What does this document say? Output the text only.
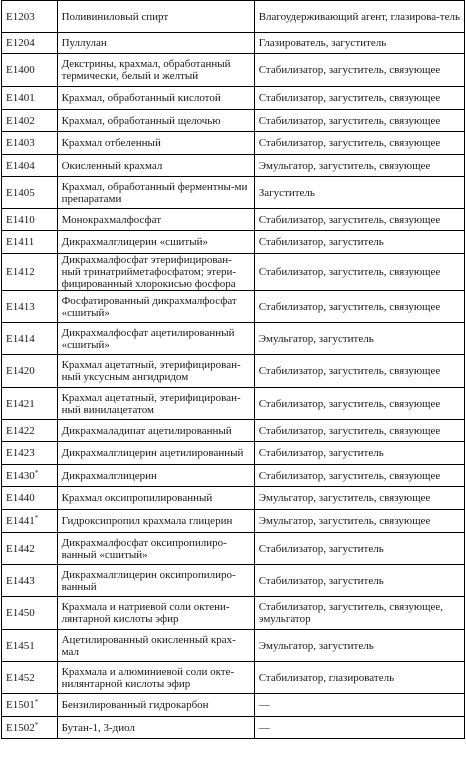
E1203	Поливиниловый спирт	Влагоудерживающий агент, глазирова-тель
E1204	Пуллулан	Глазирователь, загуститель
E1400	Декстрины, крахмал, обработанный термически, белый и желтый	Стабилизатор, загуститель, связующее
E1401	Крахмал, обработанный кислотой	Стабилизатор, загуститель, связующее
E1402	Крахмал, обработанный щелочью	Стабилизатор, загуститель, связующее
E1403	Крахмал отбеленный	Стабилизатор, загуститель, связующее
E1404	Окисленный крахмал	Эмульгатор, загуститель, связующее
E1405	Крахмал, обработанный ферментны-ми препаратами	Загуститель
E1410	Монокрахмалфосфат	Стабилизатор, загуститель, связующее
E1411	Дикрахмалглицерин «сшитый»	Стабилизатор, загуститель
E1412	Дикрахмалфосфат этерифицирован-ный тринатрийметафосфатом; этери-фицированный хлорокисью фосфора	Стабилизатор, загуститель, связующее
E1413	Фосфатированный дикрахмалфосфат «сшитый»	Стабилизатор, загуститель, связующее
E1414	Дикрахмалфосфат ацетилированный «сшитый»	Эмульгатор, загуститель
E1420	Крахмал ацетатный, этерифицирован-ный уксусным ангидридом	Стабилизатор, загуститель, связующее
E1421	Крахмал ацетатный, этерифицирован-ный винилацетатом	Стабилизатор, загуститель, связующее
E1422	Дикрахмаладипат ацетилированный	Стабилизатор, загуститель, связующее
E1423	Дикрахмалглицерин ацетилированный	Стабилизатор, загуститель
E1430*	Дикрахмалглицерин	Стабилизатор, загуститель, связующее
E1440	Крахмал оксипропилированный	Эмульгатор, загуститель, связующее
E1441*	Гидроксипропил крахмала глицерин	Эмульгатор, загуститель, связующее
E1442	Дикрахмалфосфат оксипропилиро-ванный «сшитый»	Стабилизатор, загуститель
E1443	Дикрахмалглицерин оксипропилиро-ванный	Стабилизатор, загуститель
E1450	Крахмала и натриевой соли октени-лянтарной кислоты эфир	Стабилизатор, загуститель, связующее, эмульгатор
E1451	Ацетилированный окисленный крах-мал	Эмульгатор, загуститель
E1452	Крахмала и алюминиевой соли октe-нилянтарной кислоты эфир	Стабилизатор, глазирователь
E1501*	Бензилированный гидрокарбон	—
E1502*	Бутан-1, 3-диол	—
